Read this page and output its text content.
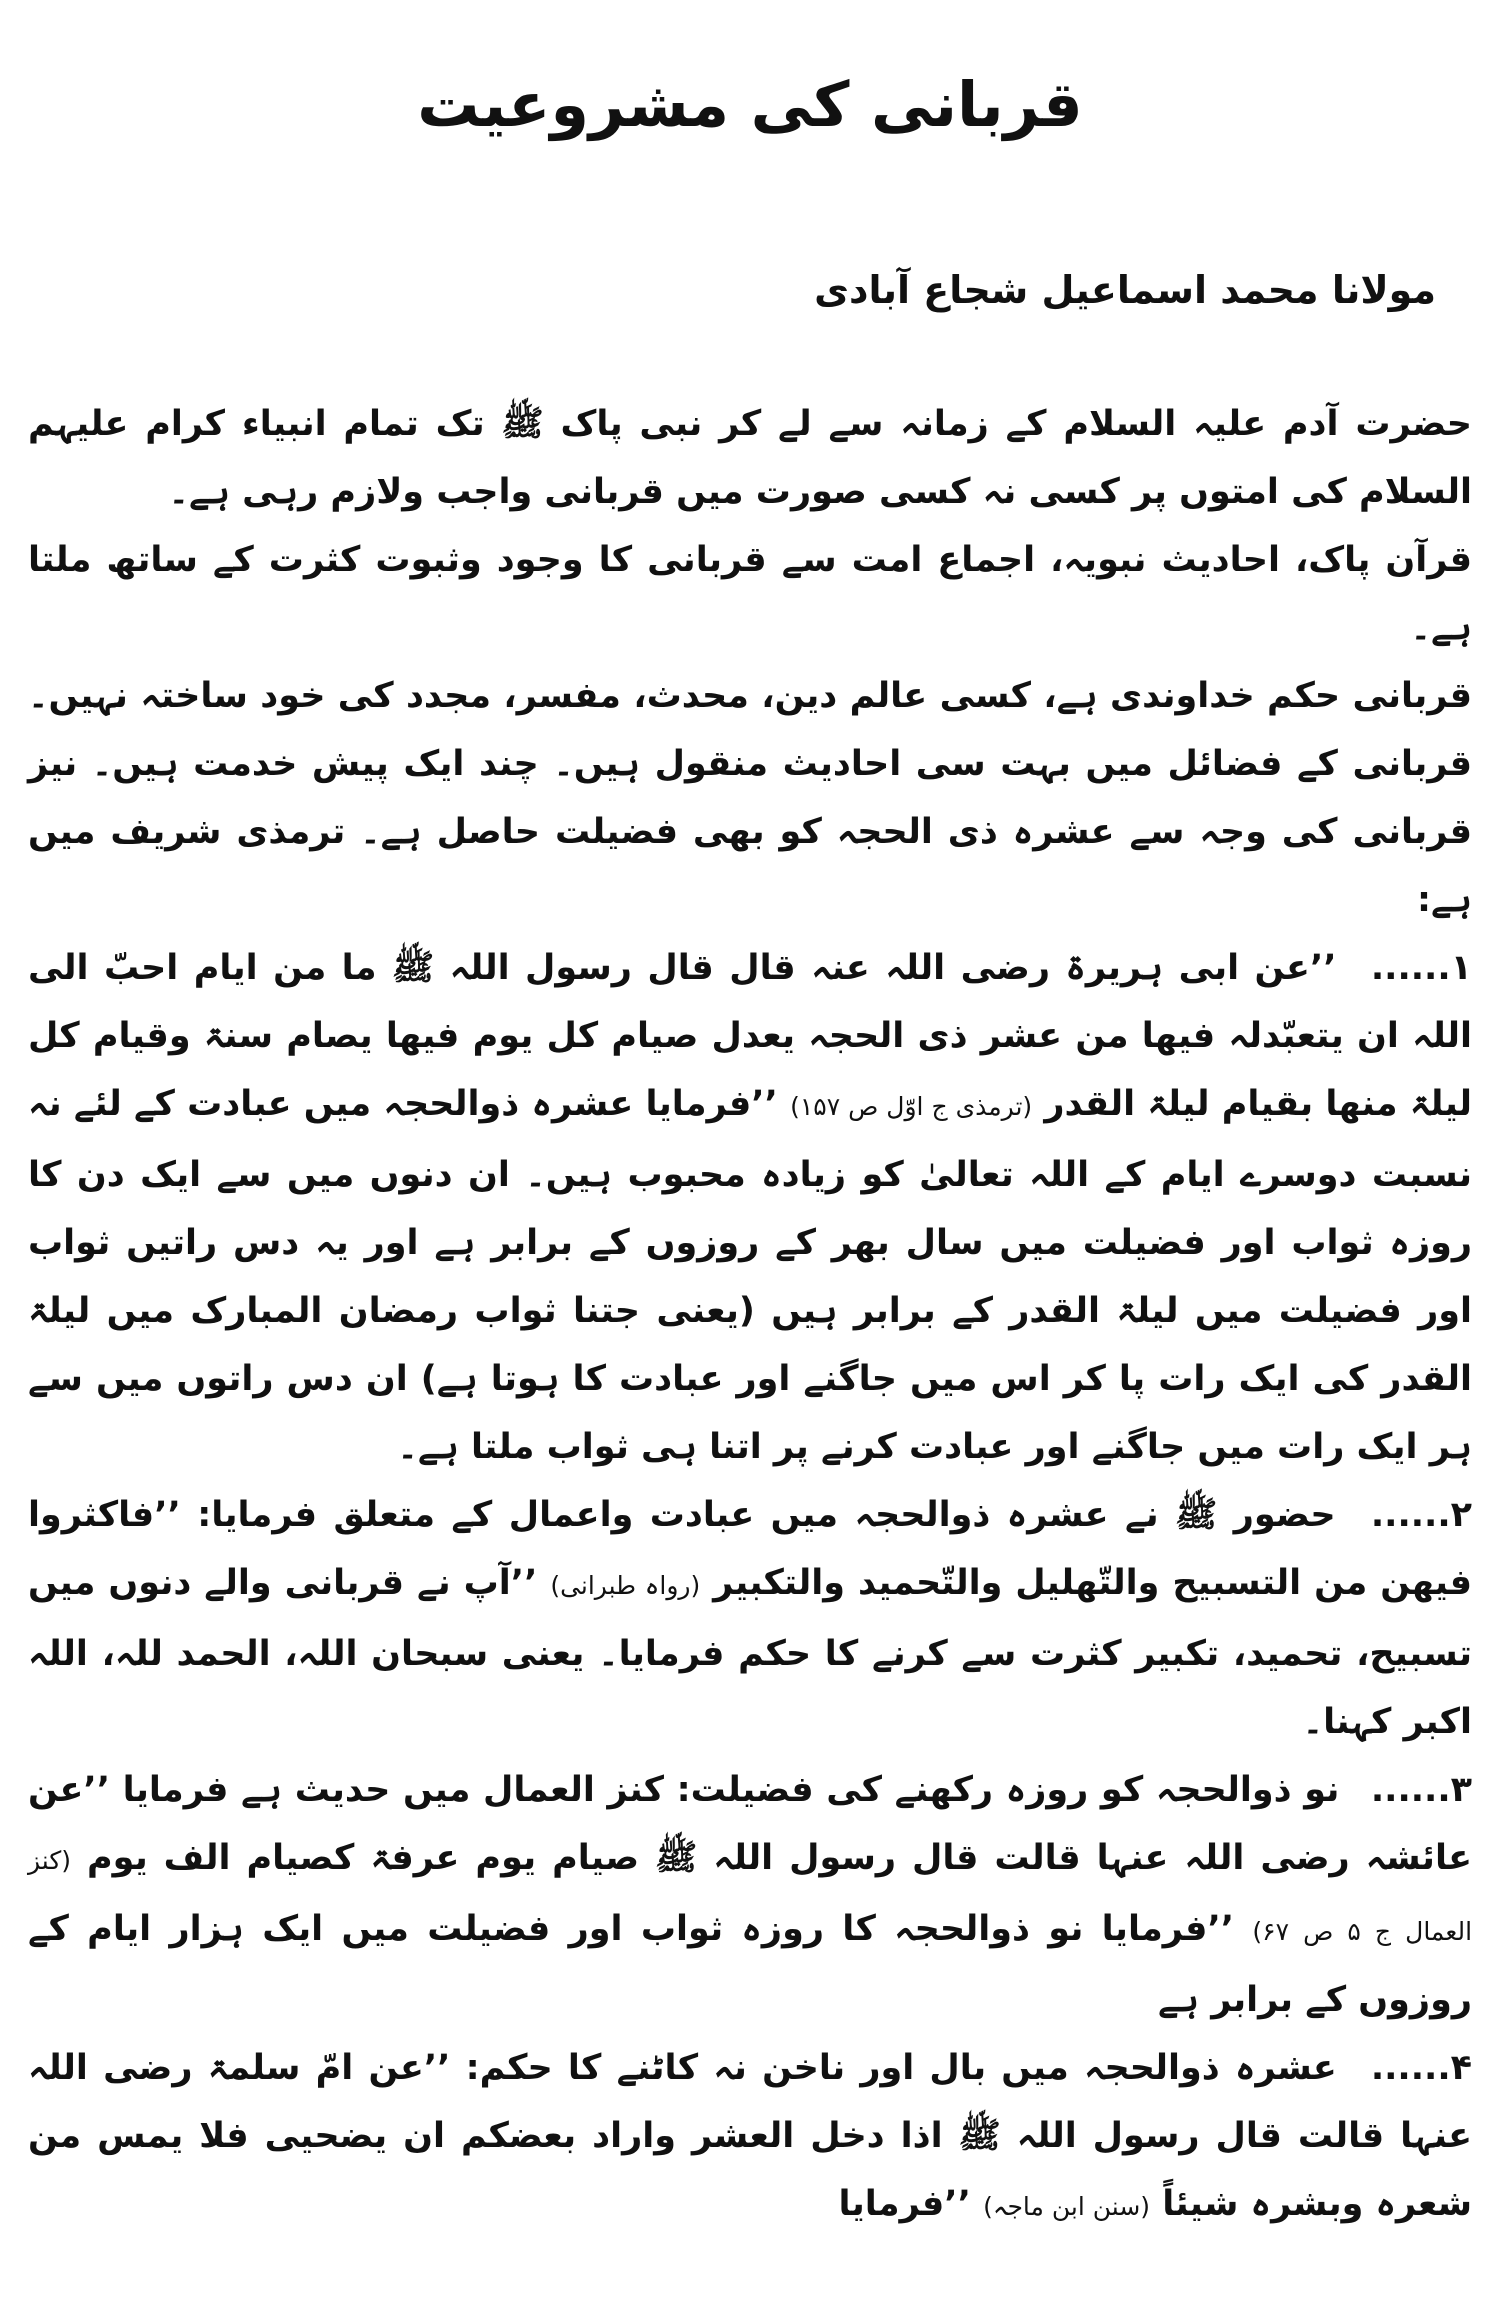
قربانی کی مشروعیت
مولانا محمد اسماعیل شجاع آبادی

حضرت آدم علیہ السلام کے زمانہ سے لے کر نبی پاک ﷺ تک تمام انبیاء کرام علیہم السلام کی امتوں پر کسی نہ کسی صورت میں قربانی واجب ولازم رہی ہے۔

قرآن پاک، احادیث نبویہ، اجماع امت سے قربانی کا وجود وثبوت کثرت کے ساتھ ملتا ہے۔

قربانی حکم خداوندی ہے، کسی عالم دین، محدث، مفسر، مجدد کی خود ساختہ نہیں۔ قربانی کے فضائل میں بہت سی احادیث منقول ہیں۔ چند ایک پیش خدمت ہیں۔ نیز قربانی کی وجہ سے عشرہ ذی الحجہ کو بھی فضیلت حاصل ہے۔ ترمذی شریف میں ہے:

۱...... ’’عن ابی ہریرۃ رضی اللہ عنہ قال قال رسول اللہ ﷺ ما من ایام احبّ الی اللہ ان یتعبّدلہ فیھا من عشر ذی الحجہ یعدل صیام کل یوم فیھا یصام سنۃ وقیام کل لیلۃ منھا بقیام لیلۃ القدر (ترمذی ج اوّل ص ۱۵۷) ’’فرمایا عشرہ ذوالحجہ میں عبادت کے لئے نہ نسبت دوسرے ایام کے اللہ تعالیٰ کو زیادہ محبوب ہیں۔ ان دنوں میں سے ایک دن کا روزہ ثواب اور فضیلت میں سال بھر کے روزوں کے برابر ہے اور یہ دس راتیں ثواب اور فضیلت میں لیلۃ القدر کے برابر ہیں (یعنی جتنا ثواب رمضان المبارک میں لیلۃ القدر کی ایک رات پا کر اس میں جاگنے اور عبادت کا ہوتا ہے) ان دس راتوں میں سے ہر ایک رات میں جاگنے اور عبادت کرنے پر اتنا ہی ثواب ملتا ہے۔

۲...... حضور ﷺ نے عشرہ ذوالحجہ میں عبادت واعمال کے متعلق فرمایا: ’’فاکثروا فیھن من التسبیح والتّھلیل والتّحمید والتکبیر (رواہ طبرانی) ’’آپ نے قربانی والے دنوں میں تسبیح، تحمید، تکبیر کثرت سے کرنے کا حکم فرمایا۔ یعنی سبحان اللہ، الحمد للہ، اللہ اکبر کہنا۔

۳...... نو ذوالحجہ کو روزہ رکھنے کی فضیلت: کنز العمال میں حدیث ہے فرمایا ’’عن عائشہ رضی اللہ عنہا قالت قال رسول اللہ ﷺ صیام یوم عرفۃ کصیام الف یوم (کنز العمال ج ۵ ص ۶۷) ’’فرمایا نو ذوالحجہ کا روزہ ثواب اور فضیلت میں ایک ہزار ایام کے روزوں کے برابر ہے

۴...... عشرہ ذوالحجہ میں بال اور ناخن نہ کاٹنے کا حکم: ’’عن امّ سلمۃ رضی اللہ عنہا قالت قال رسول اللہ ﷺ اذا دخل العشر واراد بعضکم ان یضحیی فلا یمس من شعرہ وبشرہ شیئاً (سنن ابن ماجہ) ’’فرمایا
